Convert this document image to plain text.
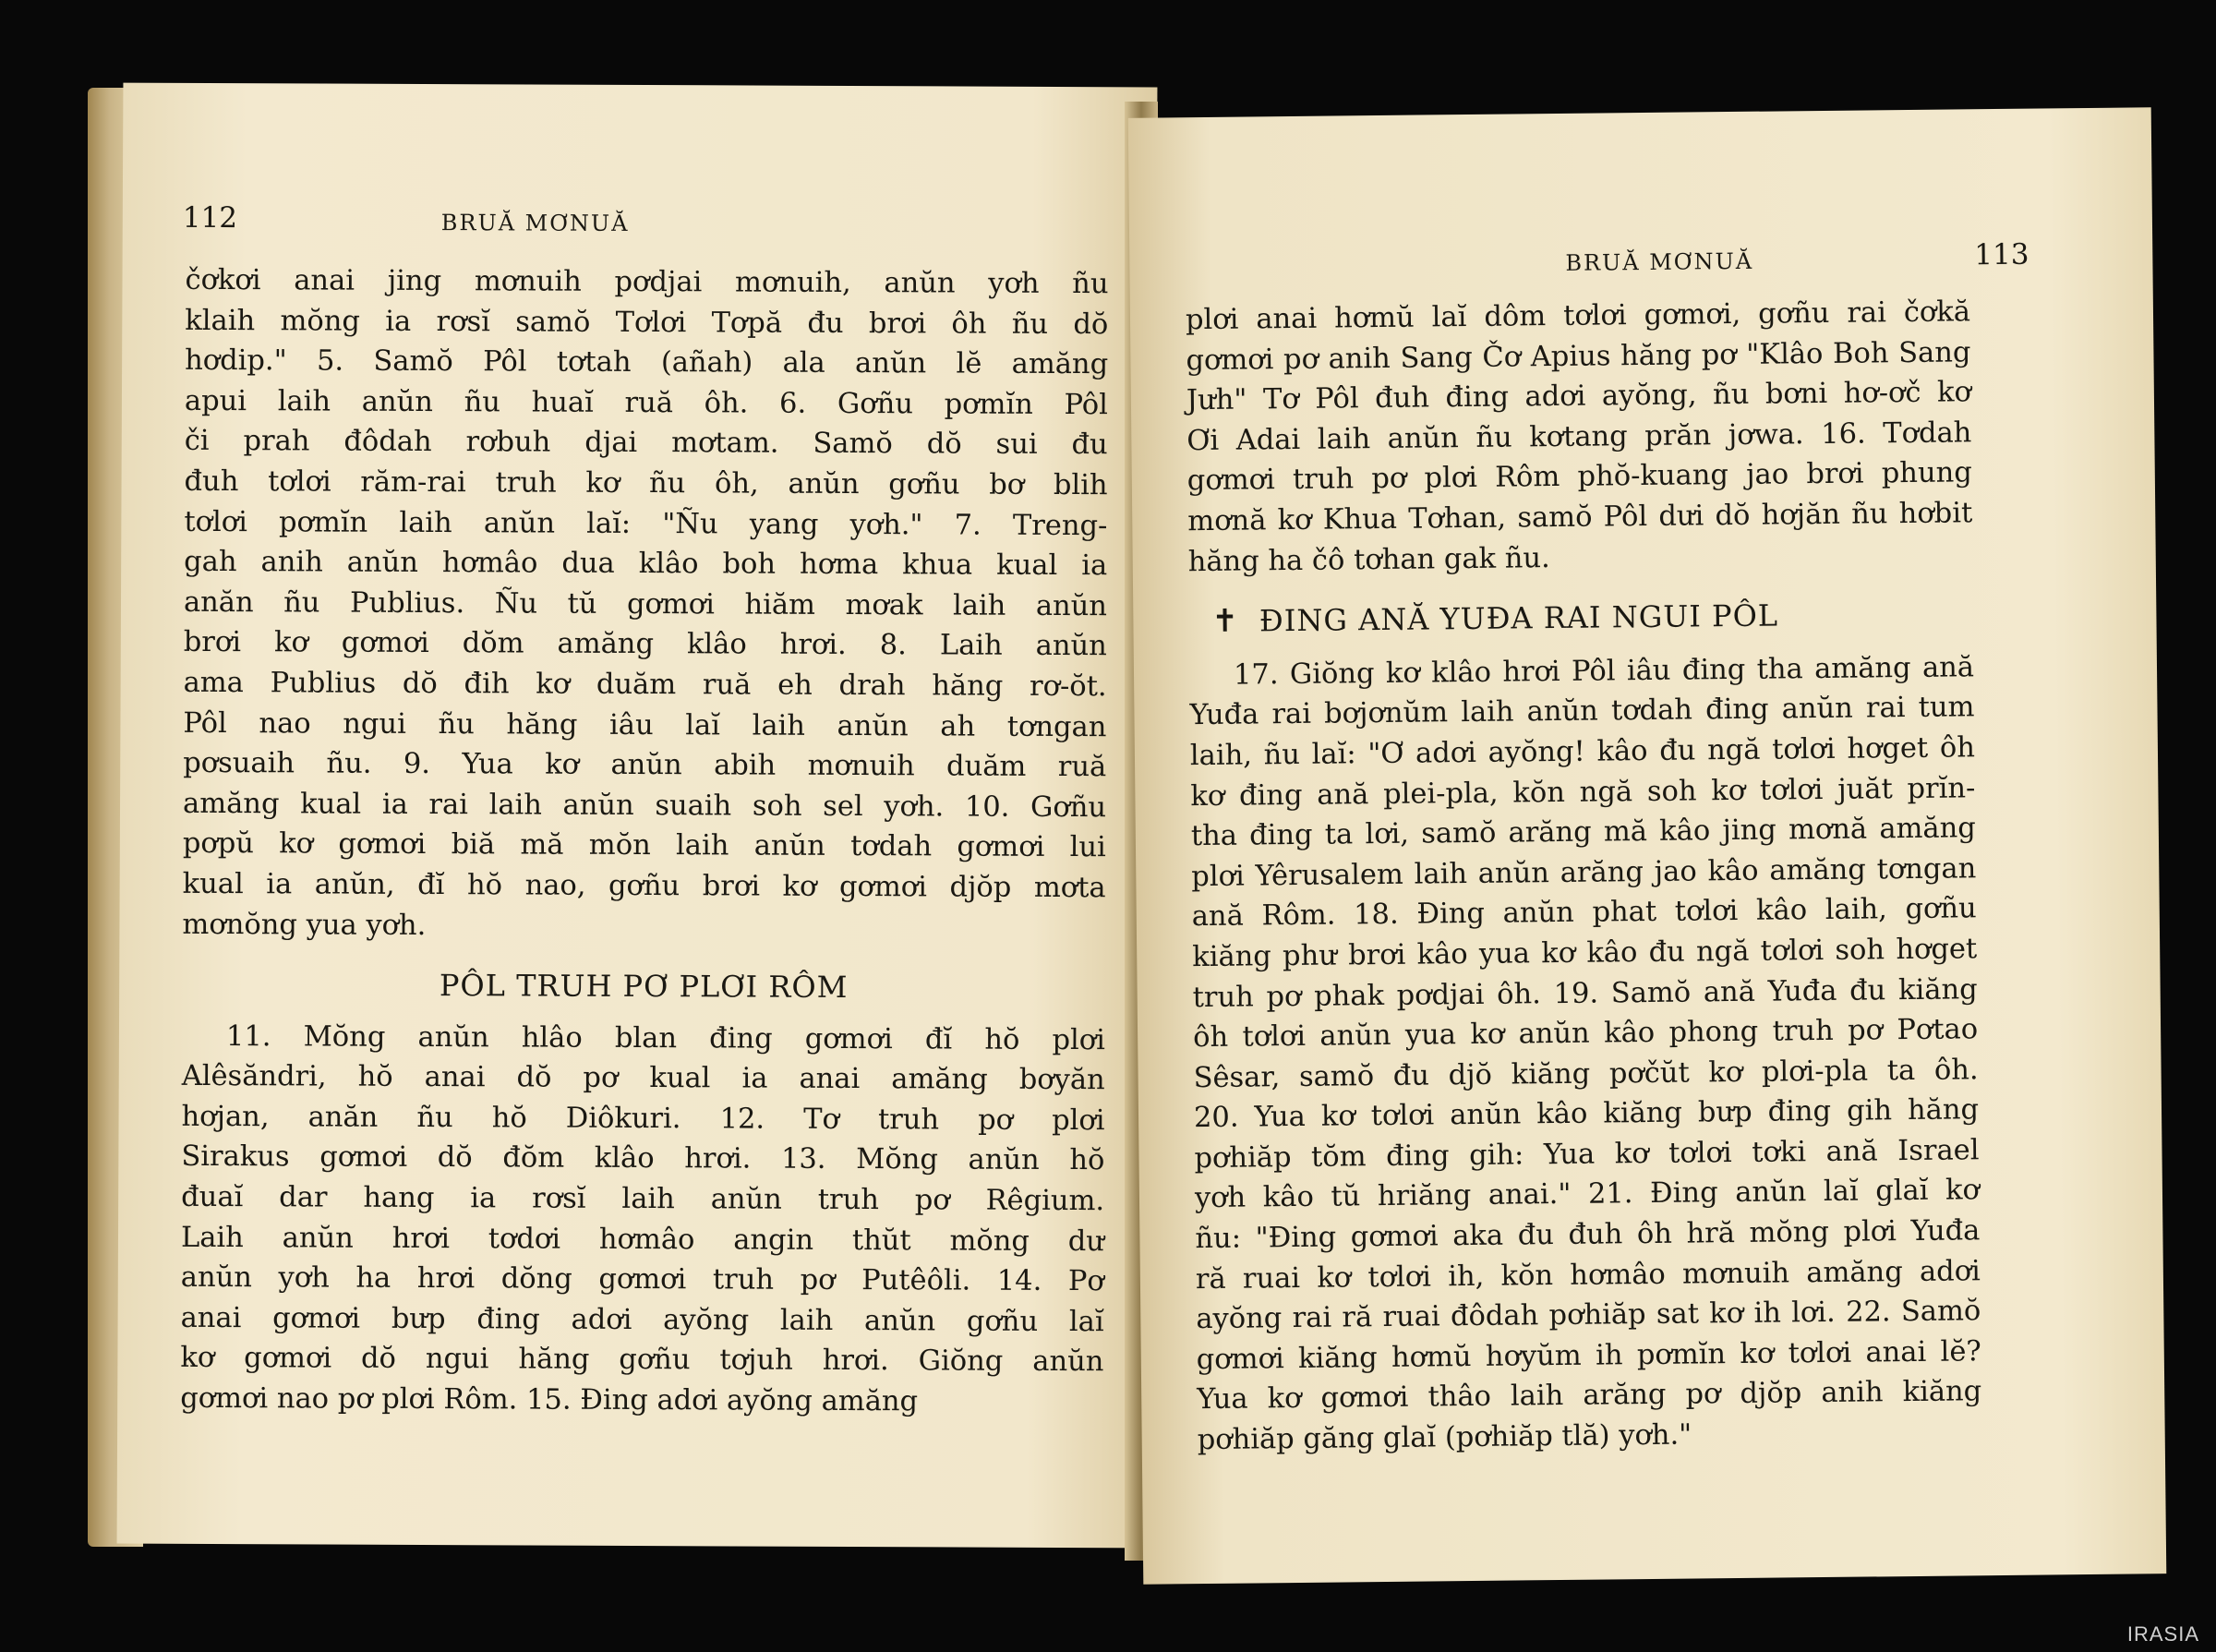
112	BRUĂ MƠNUĂ
čơkơi anai jing mơnuih pơdjai mơnuih, anŭn yơh ñu
klaih mŏng ia rơsĭ samŏ Tơlơi Tơpă đu brơi ôh ñu dŏ
hơdip." 5. Samŏ Pôl tơtah (añah) ala anŭn lĕ amăng
apui laih anŭn ñu huaĭ ruă ôh. 6. Gơñu pơmĭn Pôl
či prah đôdah rơbuh djai mơtam. Samŏ dŏ sui đu
đuh tơlơi răm-rai truh kơ ñu ôh, anŭn gơñu bơ blih
tơlơi pơmĭn laih anŭn laĭ: "Ñu yang yơh." 7. Treng-
gah anih anŭn hơmâo dua klâo boh hơma khua kual ia
anăn ñu Publius. Ñu tŭ gơmơi hiăm mơak laih anŭn
brơi kơ gơmơi dŏm amăng klâo hrơi. 8. Laih anŭn
ama Publius dŏ đih kơ duăm ruă eh drah hăng rơ-ŏt.
Pôl nao ngui ñu hăng iâu laĭ laih anŭn ah tơngan
pơsuaih ñu. 9. Yua kơ anŭn abih mơnuih duăm ruă
amăng kual ia rai laih anŭn suaih soh sel yơh. 10. Gơñu
pơpŭ kơ gơmơi biă mă mŏn laih anŭn tơdah gơmơi lui
kual ia anŭn, đĭ hŏ nao, gơñu brơi kơ gơmơi djŏp mơta
mơnŏng yua yơh.
PÔL TRUH PƠ PLƠI RÔM
11. Mŏng anŭn hlâo blan đing gơmơi đĭ hŏ plơi
Alêsăndri, hŏ anai dŏ pơ kual ia anai amăng bơyăn
hơjan, anăn ñu hŏ Diôkuri. 12. Tơ truh pơ plơi
Sirakus gơmơi dŏ đŏm klâo hrơi. 13. Mŏng anŭn hŏ
đuaĭ dar hang ia rơsĭ laih anŭn truh pơ Rêgium.
Laih anŭn hrơi tơdơi hơmâo angin thŭt mŏng dư
anŭn yơh ha hrơi dŏng gơmơi truh pơ Putêôli. 14. Pơ
anai gơmơi bưp đing adơi ayŏng laih anŭn gơñu laĭ
kơ gơmơi dŏ ngui hăng gơñu tơjuh hrơi. Giŏng anŭn
gơmơi nao pơ plơi Rôm. 15. Đing adơi ayŏng amăng
BRUĂ MƠNUĂ	113
plơi anai hơmŭ laĭ dôm tơlơi gơmơi, gơñu rai čơkă
gơmơi pơ anih Sang Čơ Apius hăng pơ "Klâo Boh Sang
Jưh" Tơ Pôl đuh đing adơi ayŏng, ñu bơni hơ-ơč kơ
Ơi Adai laih anŭn ñu kơtang prăn jơwa. 16. Tơdah
gơmơi truh pơ plơi Rôm phŏ-kuang jao brơi phung
mơnă kơ Khua Tơhan, samŏ Pôl dưi dŏ hơjăn ñu hơbit
hăng ha čô tơhan gak ñu.
✝ ĐING ANĂ YUĐA RAI NGUI PÔL
17. Giŏng kơ klâo hrơi Pôl iâu đing tha amăng ană
Yuđa rai bơjơnŭm laih anŭn tơdah đing anŭn rai tum
laih, ñu laĭ: "Ơ adơi ayŏng! kâo đu ngă tơlơi hơget ôh
kơ đing ană plei-pla, kŏn ngă soh kơ tơlơi juăt prĭn-
tha đing ta lơi, samŏ arăng mă kâo jing mơnă amăng
plơi Yêrusalem laih anŭn arăng jao kâo amăng tơngan
ană Rôm. 18. Đing anŭn phat tơlơi kâo laih, gơñu
kiăng phư brơi kâo yua kơ kâo đu ngă tơlơi soh hơget
truh pơ phak pơdjai ôh. 19. Samŏ ană Yuđa đu kiăng
ôh tơlơi anŭn yua kơ anŭn kâo phong truh pơ Pơtao
Sêsar, samŏ đu djŏ kiăng pơčŭt kơ plơi-pla ta ôh.
20. Yua kơ tơlơi anŭn kâo kiăng bưp đing gih hăng
pơhiăp tŏm đing gih: Yua kơ tơlơi tơki ană Israel
yơh kâo tŭ hriăng anai." 21. Đing anŭn laĭ glaĭ kơ
ñu: "Đing gơmơi aka đu đuh ôh hră mŏng plơi Yuđa
ră ruai kơ tơlơi ih, kŏn hơmâo mơnuih amăng adơi
ayŏng rai ră ruai đôdah pơhiăp sat kơ ih lơi. 22. Samŏ
gơmơi kiăng hơmŭ hơyŭm ih pơmĭn kơ tơlơi anai lĕ?
Yua kơ gơmơi thâo laih arăng pơ djŏp anih kiăng
pơhiăp găng glaĭ (pơhiăp tlă) yơh."
IRASIA
